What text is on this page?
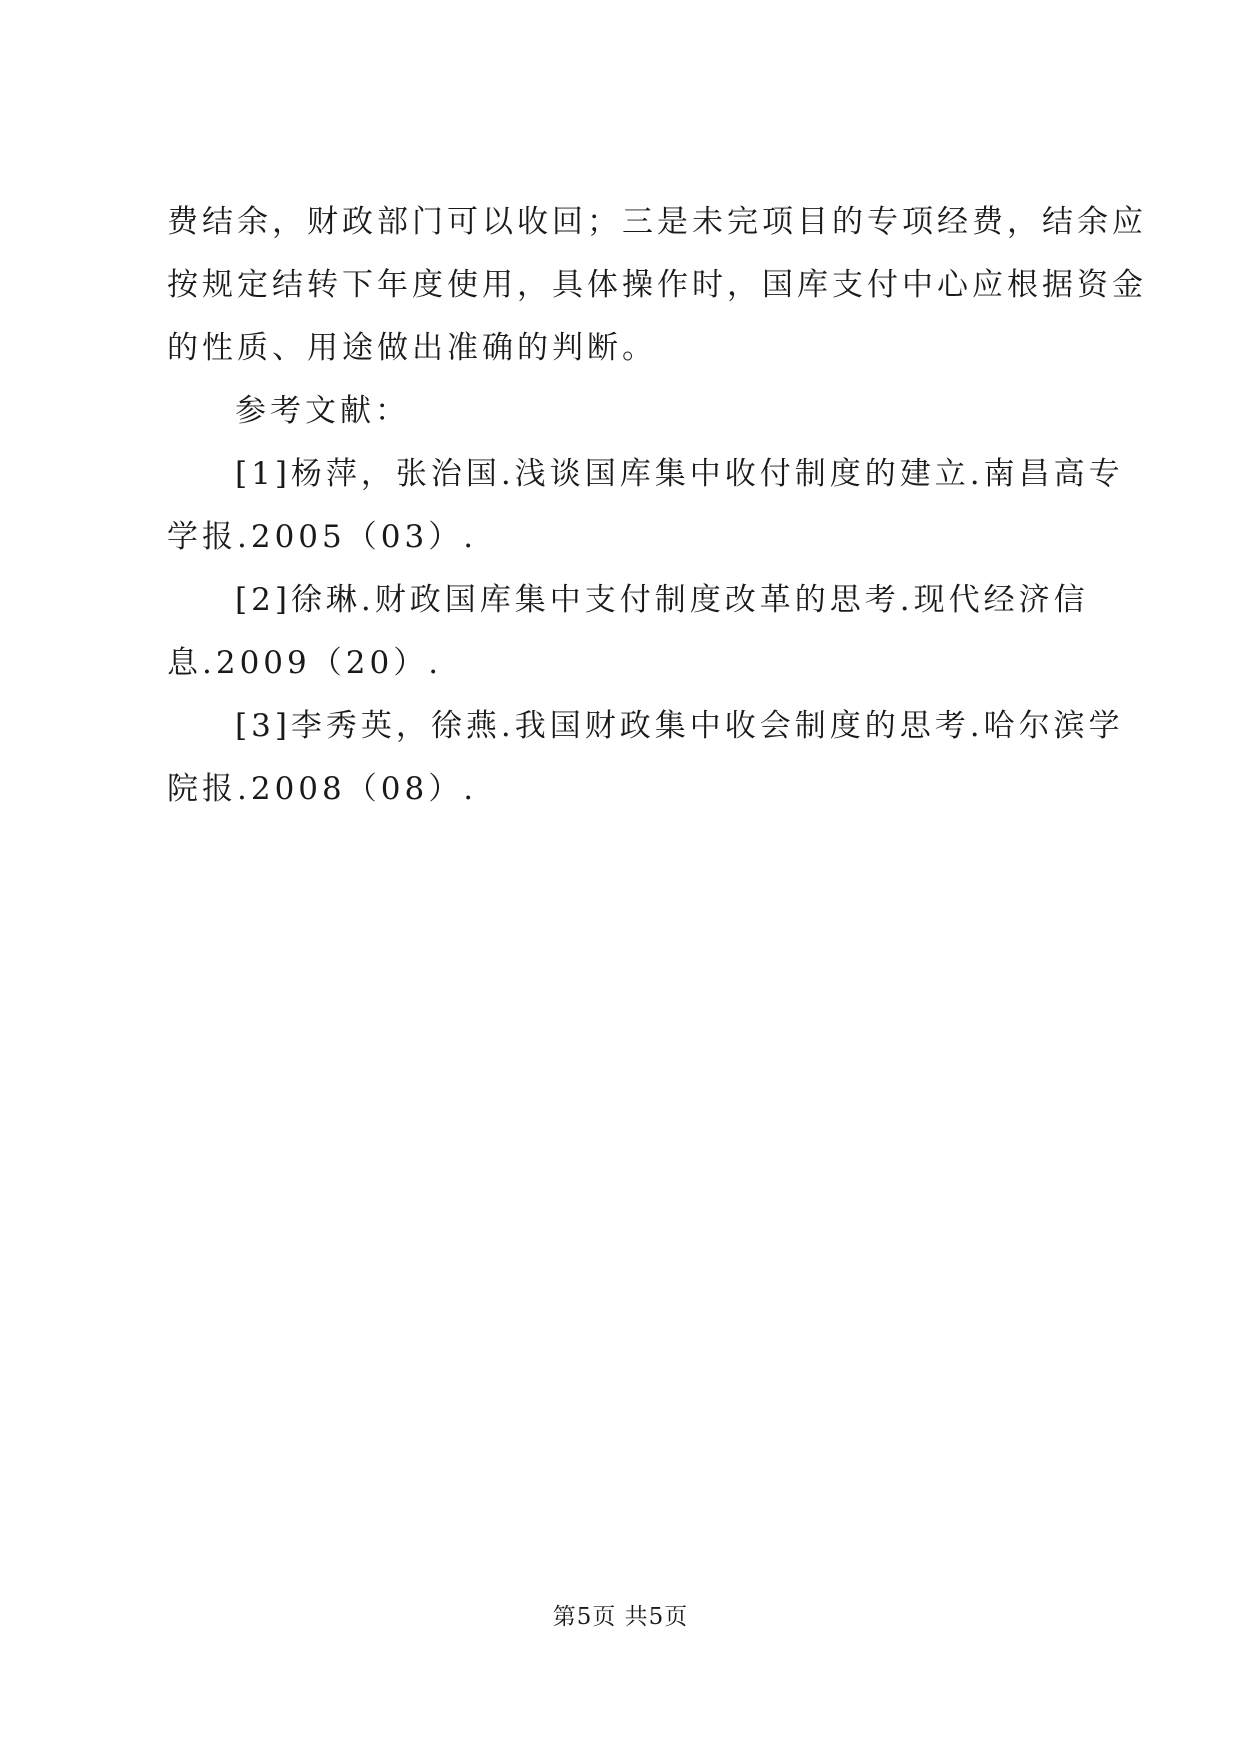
费结余，财政部门可以收回；三是未完项目的专项经费，结余应
按规定结转下年度使用，具体操作时，国库支付中心应根据资金
的性质、用途做出准确的判断。
参考文献：
[1]杨萍，张治国.浅谈国库集中收付制度的建立.南昌高专
学报.2005（03）.
[2]徐琳.财政国库集中支付制度改革的思考.现代经济信
息.2009（20）.
[3]李秀英，徐燕.我国财政集中收会制度的思考.哈尔滨学
院报.2008（08）.
第5页 共5页
